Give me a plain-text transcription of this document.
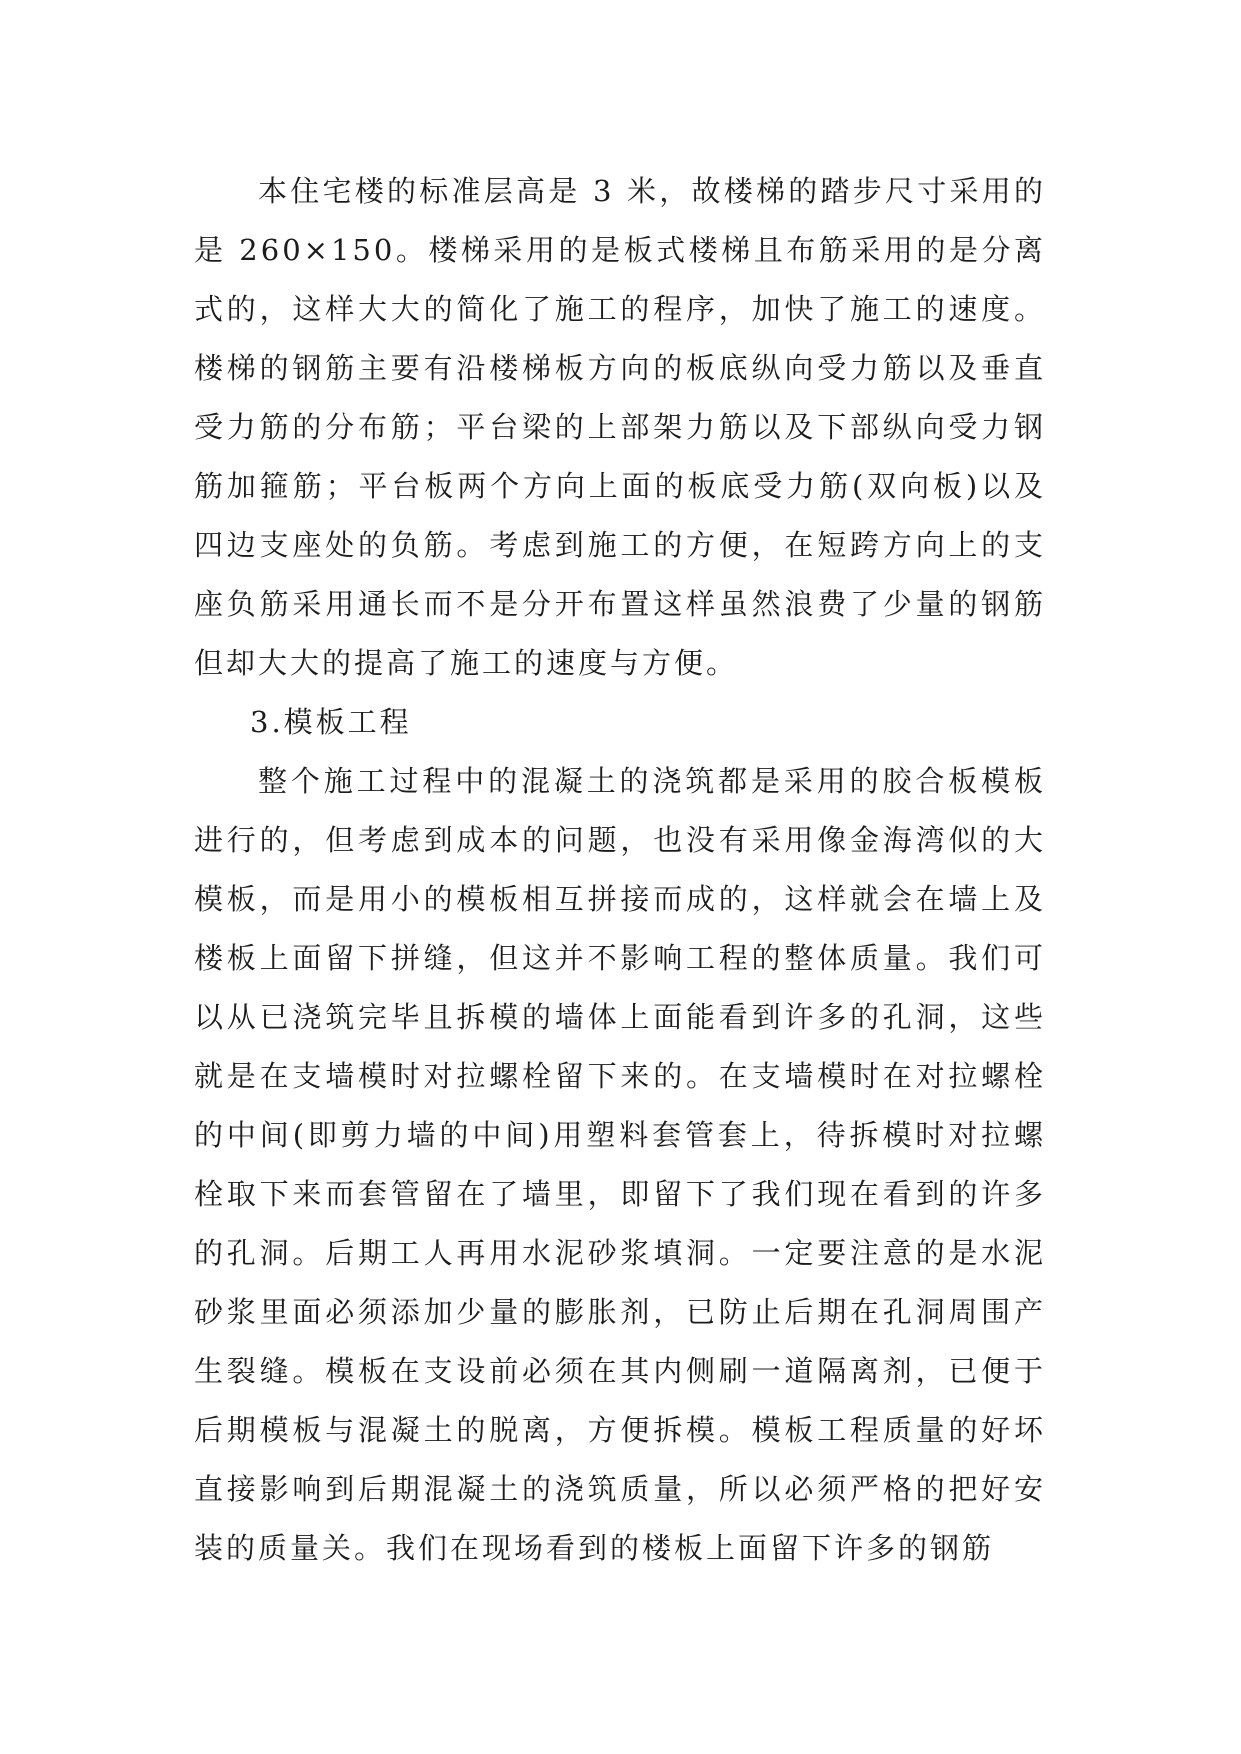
本住宅楼的标准层高是 3 米，故楼梯的踏步尺寸采用的是 260×150。楼梯采用的是板式楼梯且布筋采用的是分离式的，这样大大的简化了施工的程序，加快了施工的速度。楼梯的钢筋主要有沿楼梯板方向的板底纵向受力筋以及垂直受力筋的分布筋；平台梁的上部架力筋以及下部纵向受力钢筋加箍筋；平台板两个方向上面的板底受力筋(双向板)以及四边支座处的负筋。考虑到施工的方便，在短跨方向上的支座负筋采用通长而不是分开布置这样虽然浪费了少量的钢筋但却大大的提高了施工的速度与方便。

3.模板工程

整个施工过程中的混凝土的浇筑都是采用的胶合板模板进行的，但考虑到成本的问题，也没有采用像金海湾似的大模板，而是用小的模板相互拼接而成的，这样就会在墙上及楼板上面留下拼缝，但这并不影响工程的整体质量。我们可以从已浇筑完毕且拆模的墙体上面能看到许多的孔洞，这些就是在支墙模时对拉螺栓留下来的。在支墙模时在对拉螺栓的中间(即剪力墙的中间)用塑料套管套上，待拆模时对拉螺栓取下来而套管留在了墙里，即留下了我们现在看到的许多的孔洞。后期工人再用水泥砂浆填洞。一定要注意的是水泥砂浆里面必须添加少量的膨胀剂，已防止后期在孔洞周围产生裂缝。模板在支设前必须在其内侧刷一道隔离剂，已便于后期模板与混凝土的脱离，方便拆模。模板工程质量的好坏直接影响到后期混凝土的浇筑质量，所以必须严格的把好安装的质量关。我们在现场看到的楼板上面留下许多的钢筋
